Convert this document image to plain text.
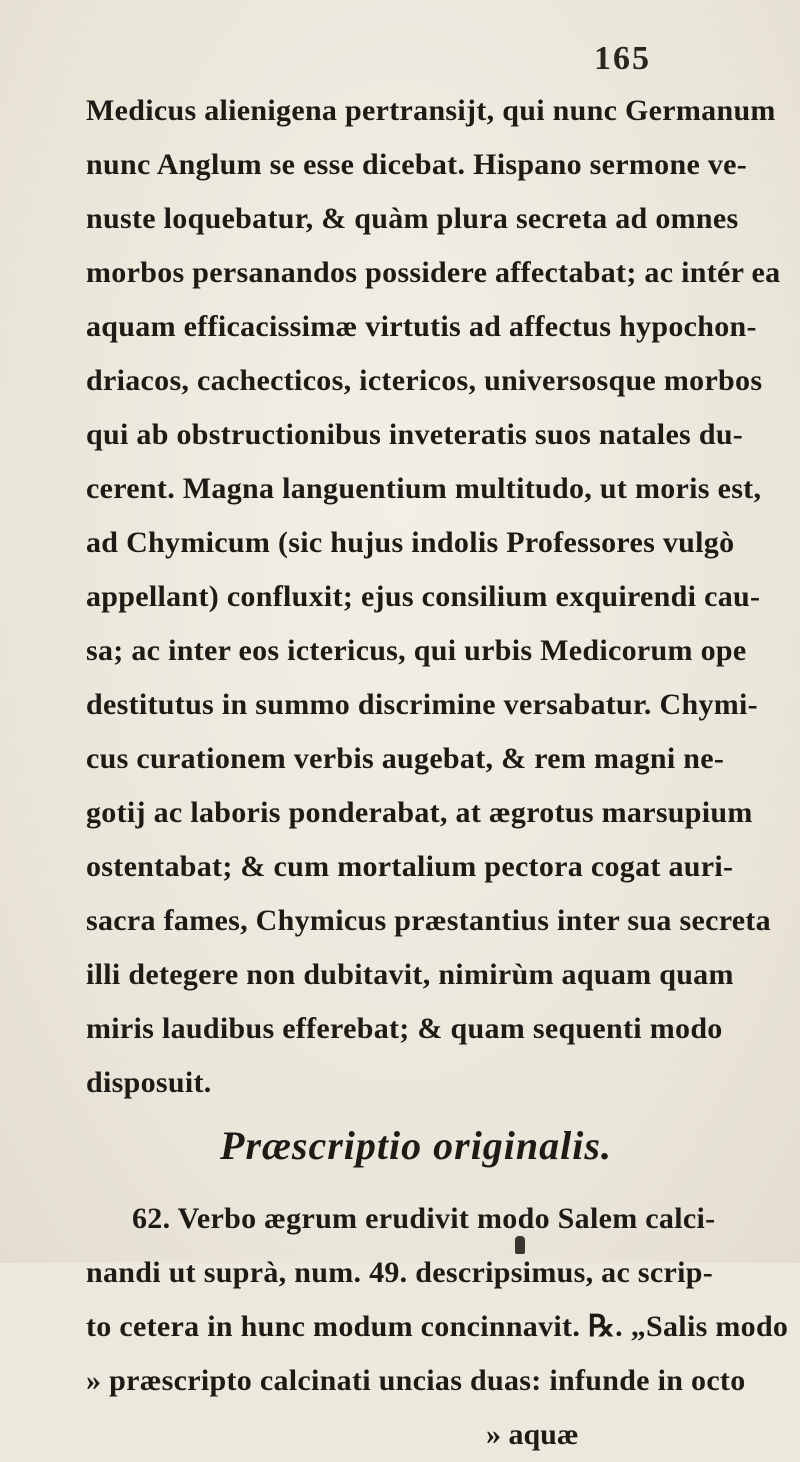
165
Medicus alienigena pertransijt, qui nunc Germanum
nunc Anglum se esse dicebat. Hispano sermone ve-
nuste loquebatur, & quàm plura secreta ad omnes
morbos persanandos possidere affectabat; ac intér ea
aquam efficacissimæ virtutis ad affectus hypochon-
driacos, cachecticos, ictericos, universosque morbos
qui ab obstructionibus inveteratis suos natales du-
cerent. Magna languentium multitudo, ut moris est,
ad Chymicum (sic hujus indolis Professores vulgò
appellant) confluxit; ejus consilium exquirendi cau-
sa; ac inter eos ictericus, qui urbis Medicorum ope
destitutus in summo discrimine versabatur. Chymi-
cus curationem verbis augebat, & rem magni ne-
gotij ac laboris ponderabat, at ægrotus marsupium
ostentabat; & cum mortalium pectora cogat auri-
sacra fames, Chymicus præstantius inter sua secreta
illi detegere non dubitavit, nimirùm aquam quam
miris laudibus efferebat; & quam sequenti modo
disposuit.
Præscriptio originalis.
62. Verbo ægrum erudivit modo Salem calci-
nandi ut suprà, num. 49. descripsimus, ac scrip-
to cetera in hunc modum concinnavit. ℞. „Salis modo
» præscripto calcinati uncias duas: infunde in octo
» aquæ
